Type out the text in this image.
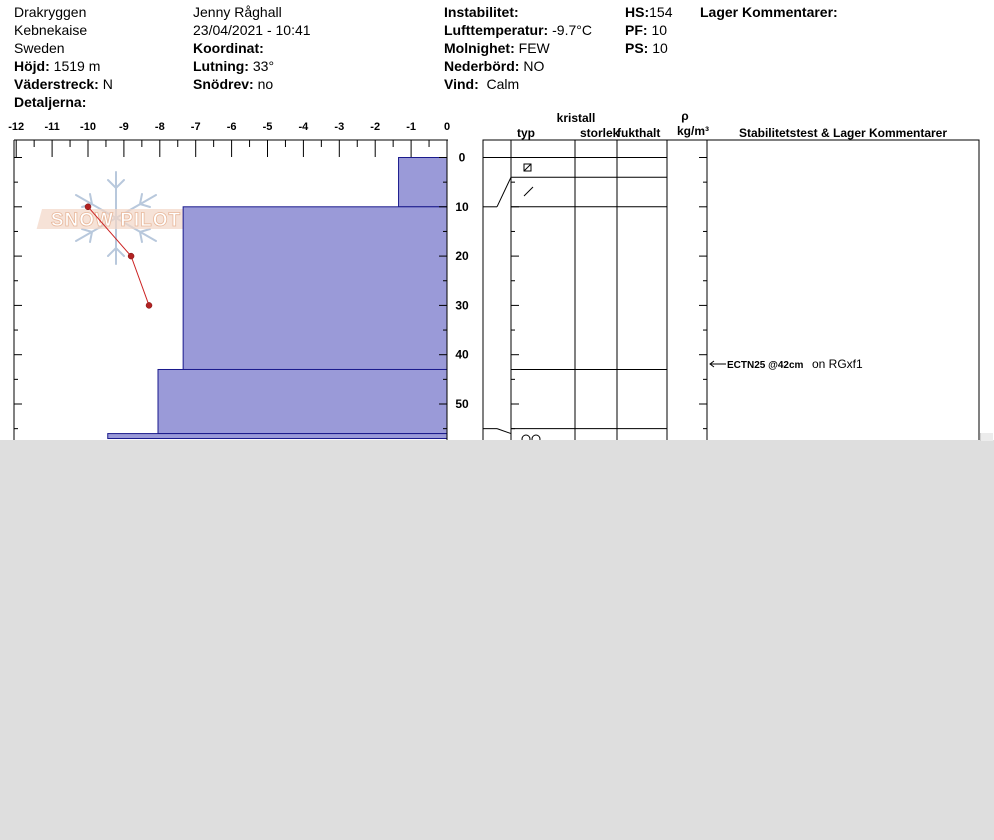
Drakryggen
Kebnekaise
Sweden
Höjd: 1519 m
Väderstreck: N
Detaljerna:
Jenny Råghall
23/04/2021 - 10:41
Koordinat:
Lutning: 33°
Snödrev: no
Instabilitet:
Lufttemperatur: -9.7°C
Molnighet: FEW
Nederbörd: NO
Vind: Calm
HS:154
PF: 10
PS: 10
Lager Kommentarer:
SNOW PILOT
-12 -11 -10 -9 -8 -7 -6 -5 -4 -3 -2 -1	0
0
10
20
30
40
50
kristall
typ	storlek
fukthalt
ρ
kg/m³ Stabilitetstest & Lager Kommentarer
ECTN25 @42cm on RGxf1
